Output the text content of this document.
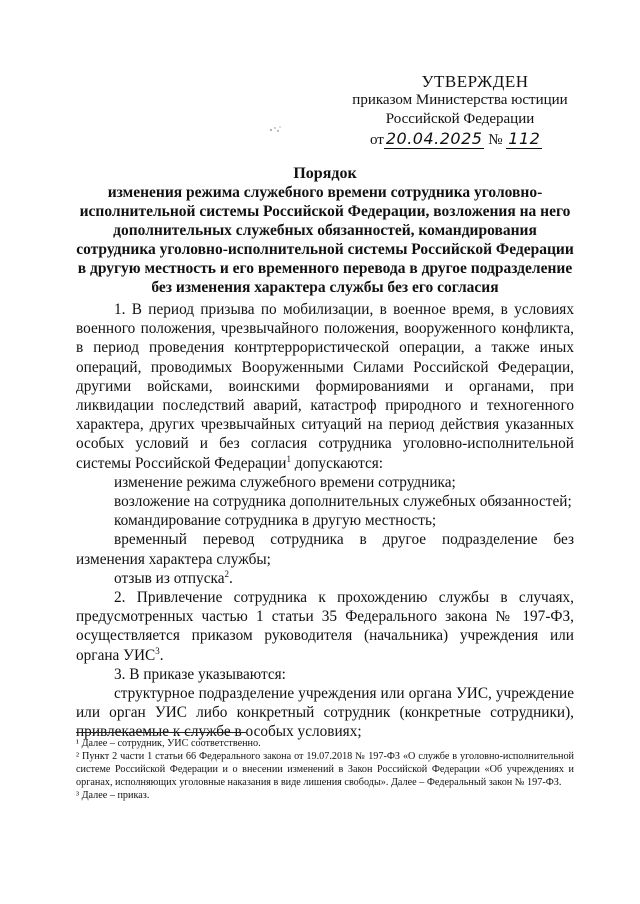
УТВЕРЖДЕН
приказом Министерства юстиции
Российской Федерации
от 20.04.2025 № 112
Порядок
изменения режима служебного времени сотрудника уголовно-
исполнительной системы Российской Федерации, возложения на него
дополнительных служебных обязанностей, командирования
сотрудника уголовно-исполнительной системы Российской Федерации
в другую местность и его временного перевода в другое подразделение
без изменения характера службы без его согласия

1. В период призыва по мобилизации, в военное время, в условиях военного положения, чрезвычайного положения, вооруженного конфликта, в период проведения контртеррористической операции, а также иных операций, проводимых Вооруженными Силами Российской Федерации, другими войсками, воинскими формированиями и органами, при ликвидации последствий аварий, катастроф природного и техногенного характера, других чрезвычайных ситуаций на период действия указанных особых условий и без согласия сотрудника уголовно-исполнительной системы Российской Федерации$^1$ допускаются:

изменение режима служебного времени сотрудника;

возложение на сотрудника дополнительных служебных обязанностей;

командирование сотрудника в другую местность;

временный перевод сотрудника в другое подразделение без изменения характера службы;

отзыв из отпуска$^2$.

2. Привлечение сотрудника к прохождению службы в случаях, предусмотренных частью 1 статьи 35 Федерального закона № 197-ФЗ, осуществляется приказом руководителя (начальника) учреждения или органа УИС$^3$.

3. В приказе указываются:

структурное подразделение учреждения или органа УИС, учреждение или орган УИС либо конкретный сотрудник (конкретные сотрудники), привлекаемые к службе в особых условиях;

¹ Далее – сотрудник, УИС соответственно.

² Пункт 2 части 1 статьи 66 Федерального закона от 19.07.2018 № 197-ФЗ «О службе в уголовно-исполнительной системе Российской Федерации и о внесении изменений в Закон Российской Федерации «Об учреждениях и органах, исполняющих уголовные наказания в виде лишения свободы». Далее – Федеральный закон № 197-ФЗ.

³ Далее – приказ.
